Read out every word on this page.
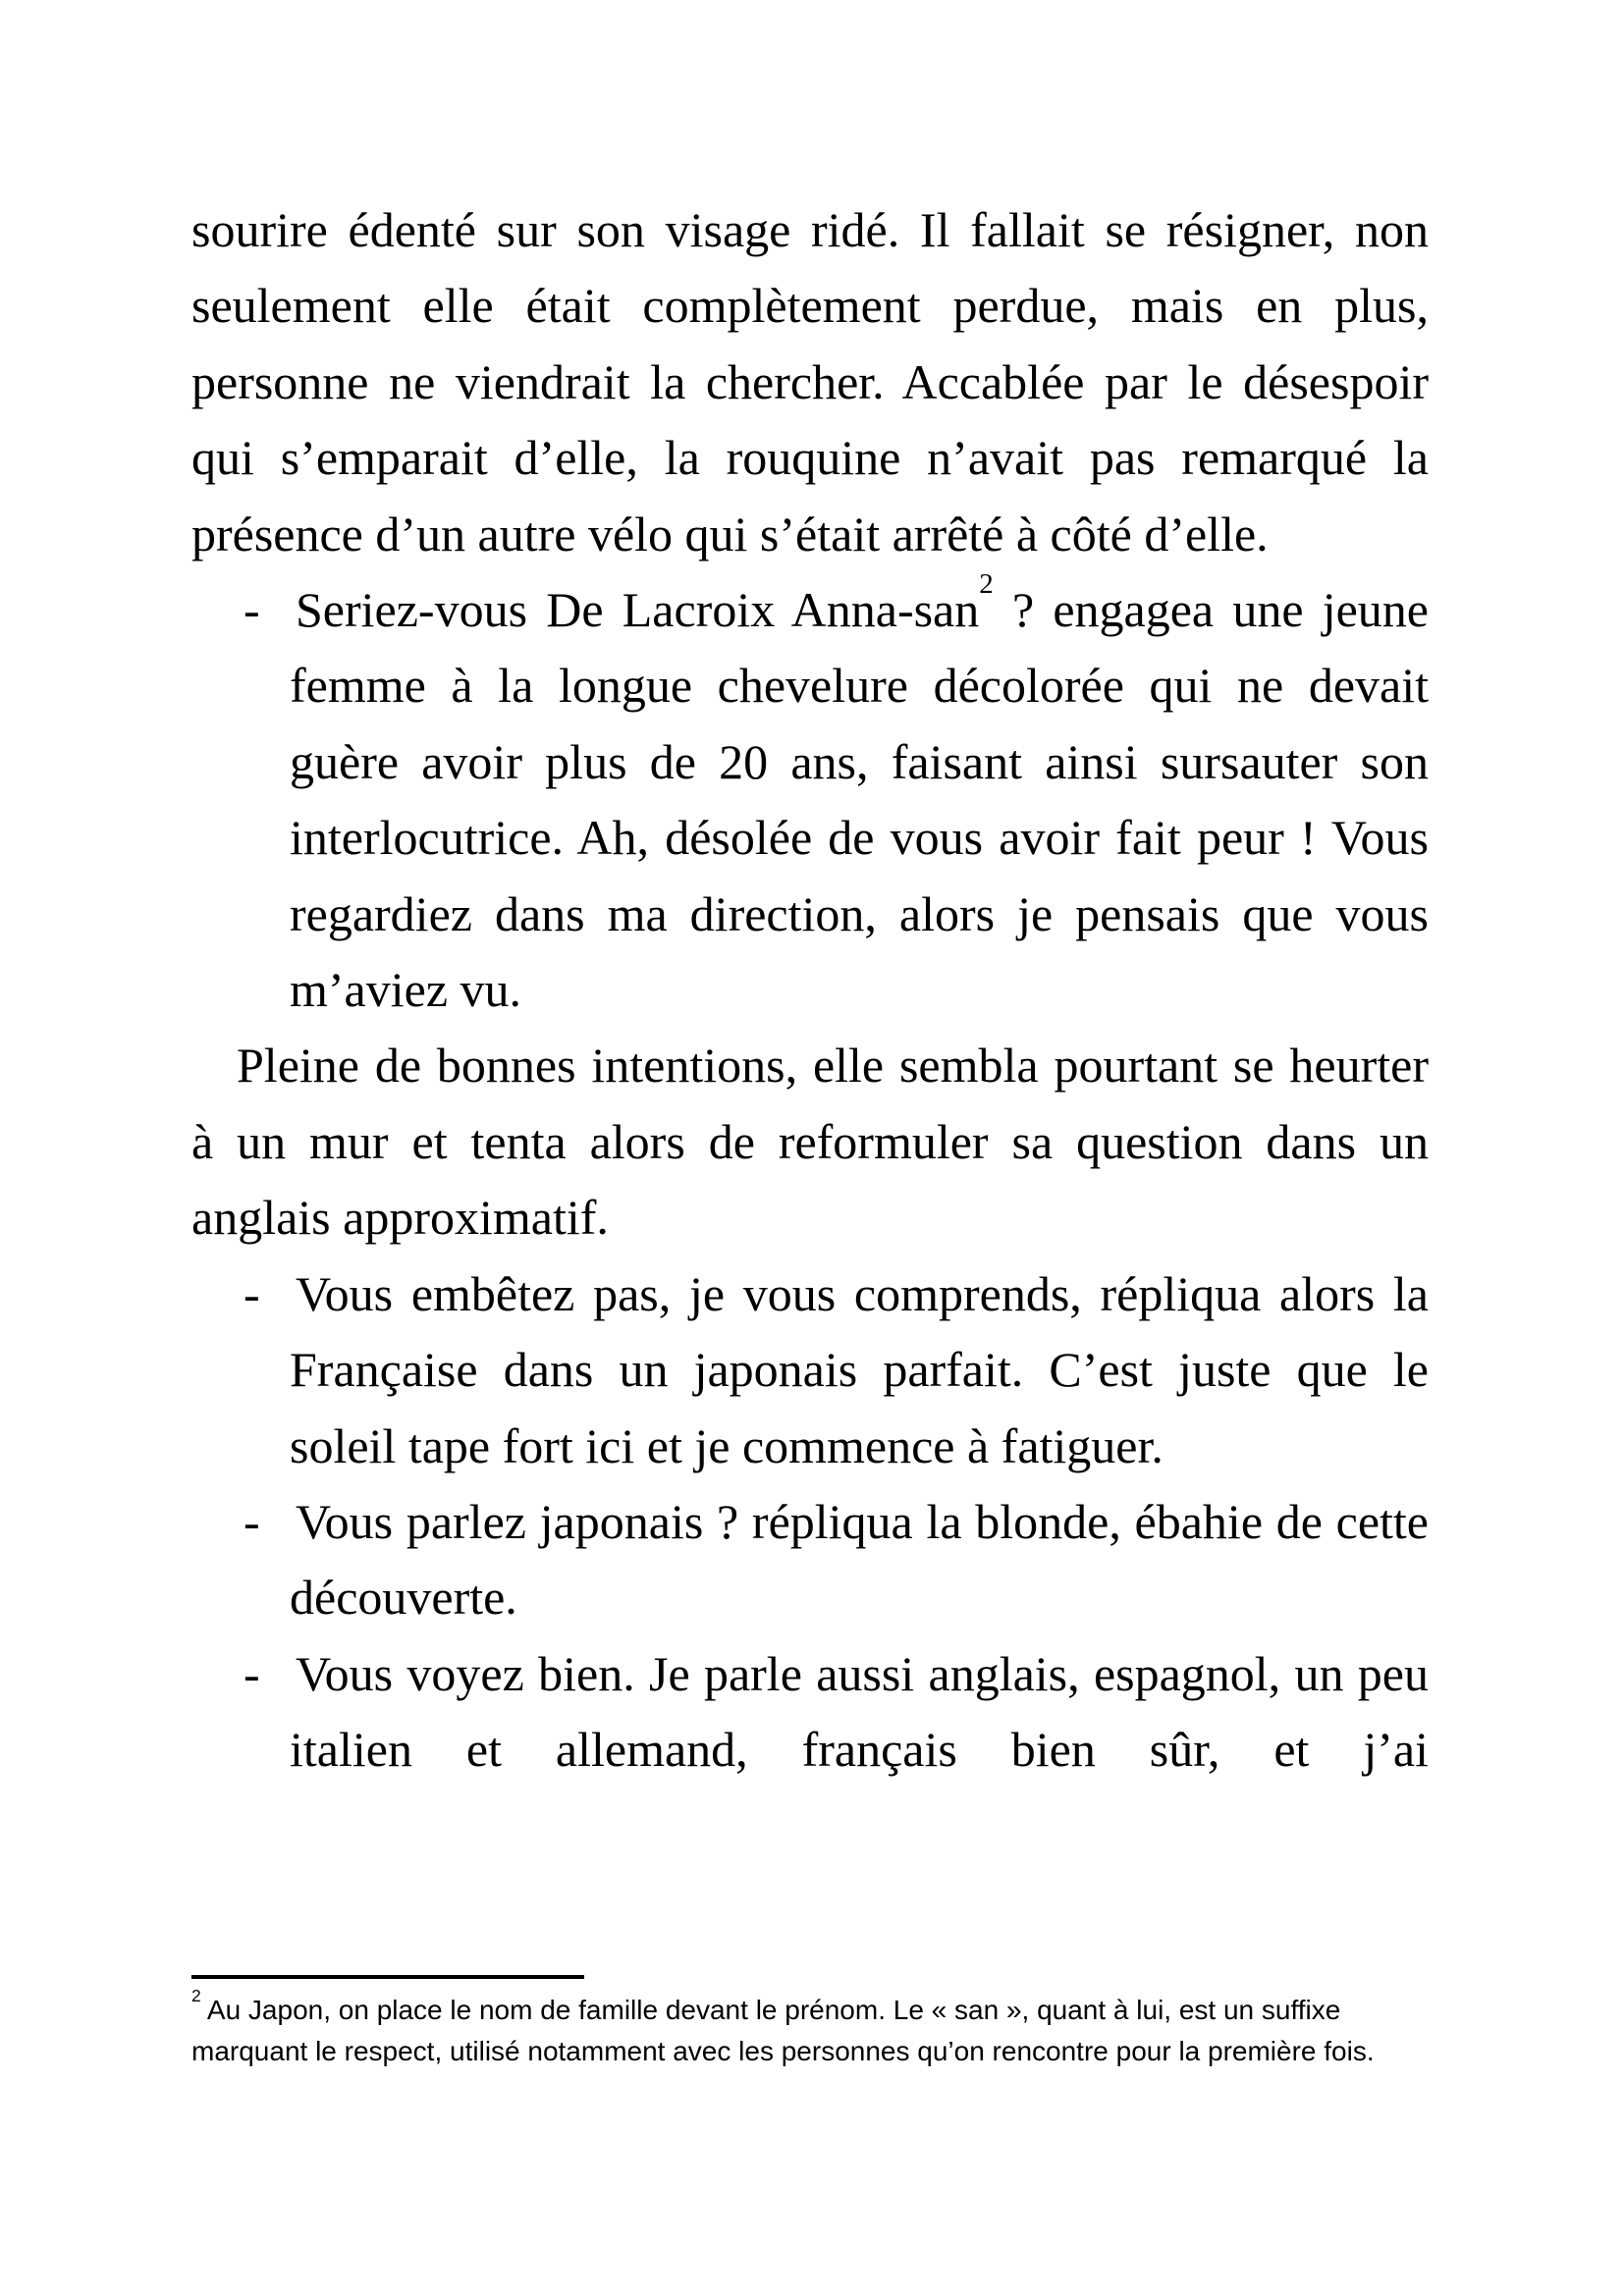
sourire édenté sur son visage ridé. Il fallait se résigner, non seulement elle était complètement perdue, mais en plus, personne ne viendrait la chercher. Accablée par le désespoir qui s’emparait d’elle, la rouquine n’avait pas remarqué la présence d’un autre vélo qui s’était arrêté à côté d’elle.

- Seriez-vous De Lacroix Anna-san$^2$ ? engagea une jeune femme à la longue chevelure décolorée qui ne devait guère avoir plus de 20 ans, faisant ainsi sursauter son interlocutrice. Ah, désolée de vous avoir fait peur ! Vous regardiez dans ma direction, alors je pensais que vous m’aviez vu.

Pleine de bonnes intentions, elle sembla pourtant se heurter à un mur et tenta alors de reformuler sa question dans un anglais approximatif.

- Vous embêtez pas, je vous comprends, répliqua alors la Française dans un japonais parfait. C’est juste que le soleil tape fort ici et je commence à fatiguer.
- Vous parlez japonais ? répliqua la blonde, ébahie de cette découverte.
- Vous voyez bien. Je parle aussi anglais, espagnol, un peu italien et allemand, français bien sûr, et j’ai

$^2$ Au Japon, on place le nom de famille devant le prénom. Le « san », quant à lui, est un suffixe marquant le respect, utilisé notamment avec les personnes qu’on rencontre pour la première fois.
